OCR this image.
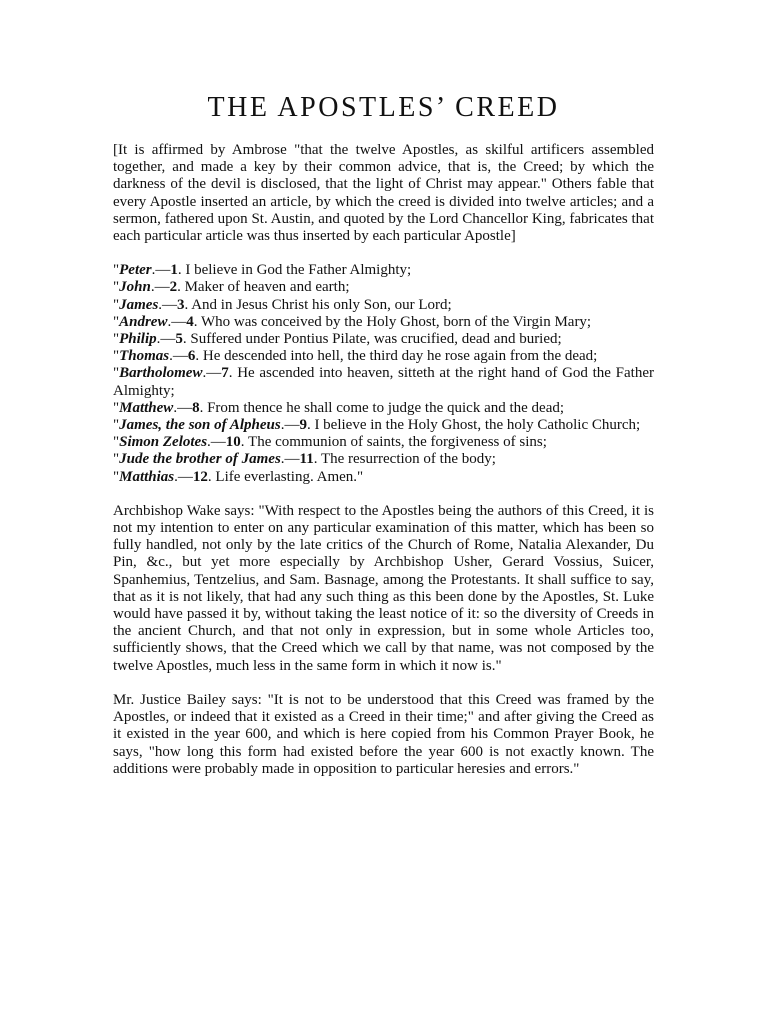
THE APOSTLES’ CREED

[It is affirmed by Ambrose "that the twelve Apostles, as skilful artificers assembled together, and made a key by their common advice, that is, the Creed; by which the darkness of the devil is disclosed, that the light of Christ may appear." Others fable that every Apostle inserted an article, by which the creed is divided into twelve articles; and a sermon, fathered upon St. Austin, and quoted by the Lord Chancellor King, fabricates that each particular article was thus inserted by each particular Apostle]

"Peter.—1. I believe in God the Father Almighty;

"John.—2. Maker of heaven and earth;

"James.—3. And in Jesus Christ his only Son, our Lord;

"Andrew.—4. Who was conceived by the Holy Ghost, born of the Virgin Mary;

"Philip.—5. Suffered under Pontius Pilate, was crucified, dead and buried;

"Thomas.—6. He descended into hell, the third day he rose again from the dead;

"Bartholomew.—7. He ascended into heaven, sitteth at the right hand of God the Father Almighty;

"Matthew.—8. From thence he shall come to judge the quick and the dead;

"James, the son of Alpheus.—9. I believe in the Holy Ghost, the holy Catholic Church;

"Simon Zelotes.—10. The communion of saints, the forgiveness of sins;

"Jude the brother of James.—11. The resurrection of the body;

"Matthias.—12. Life everlasting. Amen."

Archbishop Wake says: "With respect to the Apostles being the authors of this Creed, it is not my intention to enter on any particular examination of this matter, which has been so fully handled, not only by the late critics of the Church of Rome, Natalia Alexander, Du Pin, &c., but yet more especially by Archbishop Usher, Gerard Vossius, Suicer, Spanhemius, Tentzelius, and Sam. Basnage, among the Protestants. It shall suffice to say, that as it is not likely, that had any such thing as this been done by the Apostles, St. Luke would have passed it by, without taking the least notice of it: so the diversity of Creeds in the ancient Church, and that not only in expression, but in some whole Articles too, sufficiently shows, that the Creed which we call by that name, was not composed by the twelve Apostles, much less in the same form in which it now is."

Mr. Justice Bailey says: "It is not to be understood that this Creed was framed by the Apostles, or indeed that it existed as a Creed in their time;" and after giving the Creed as it existed in the year 600, and which is here copied from his Common Prayer Book, he says, "how long this form had existed before the year 600 is not exactly known. The additions were probably made in opposition to particular heresies and errors."
